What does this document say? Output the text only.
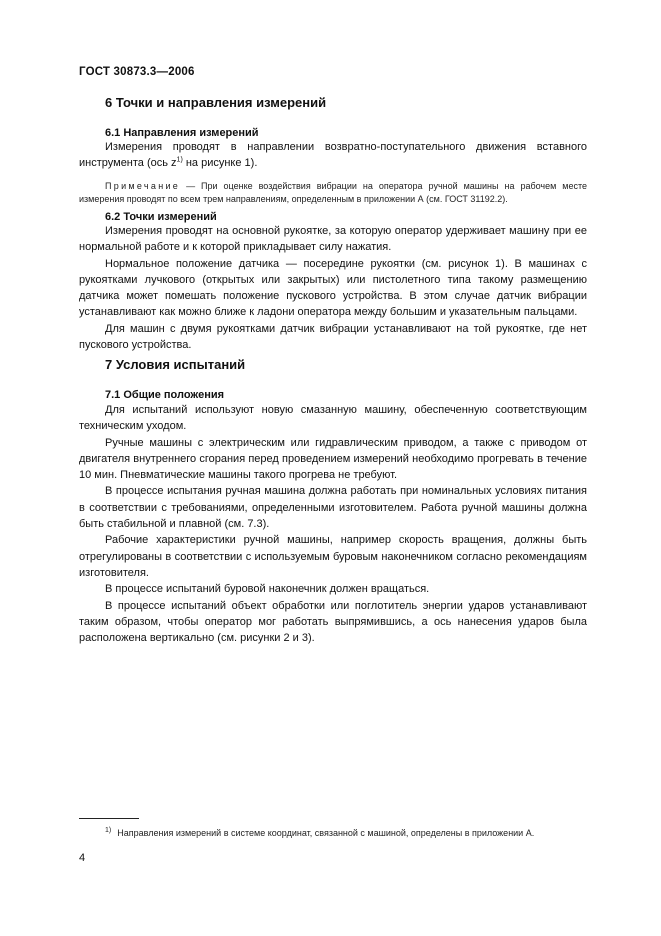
ГОСТ 30873.3—2006
6 Точки и направления измерений
6.1 Направления измерений

Измерения проводят в направлении возвратно-поступательного движения вставного инструмента (ось $z^{1)}$ на рисунке 1).

Примечание — При оценке воздействия вибрации на оператора ручной машины на рабочем месте измерения проводят по всем трем направлениям, определенным в приложении А (см. ГОСТ 31192.2).
6.2 Точки измерений

Измерения проводят на основной рукоятке, за которую оператор удерживает машину при ее нормальной работе и к которой прикладывает силу нажатия.

Нормальное положение датчика — посередине рукоятки (см. рисунок 1). В машинах с рукоятками лучкового (открытых или закрытых) или пистолетного типа такому размещению датчика может помешать положение пускового устройства. В этом случае датчик вибрации устанавливают как можно ближе к ладони оператора между большим и указательным пальцами.

Для машин с двумя рукоятками датчик вибрации устанавливают на той рукоятке, где нет пускового устройства.

7 Условия испытаний
7.1 Общие положения

Для испытаний используют новую смазанную машину, обеспеченную соответствующим техническим уходом.

Ручные машины с электрическим или гидравлическим приводом, а также с приводом от двигателя внутреннего сгорания перед проведением измерений необходимо прогревать в течение 10 мин. Пневматические машины такого прогрева не требуют.

В процессе испытания ручная машина должна работать при номинальных условиях питания в соответствии с требованиями, определенными изготовителем. Работа ручной машины должна быть стабильной и плавной (см. 7.3).

Рабочие характеристики ручной машины, например скорость вращения, должны быть отрегулированы в соответствии с используемым буровым наконечником согласно рекомендациям изготовителя.

В процессе испытаний буровой наконечник должен вращаться.

В процессе испытаний объект обработки или поглотитель энергии ударов устанавливают таким образом, чтобы оператор мог работать выпрямившись, а ось нанесения ударов была расположена вертикально (см. рисунки 2 и 3).

$^{1)}$ Направления измерений в системе координат, связанной с машиной, определены в приложении А.
4
